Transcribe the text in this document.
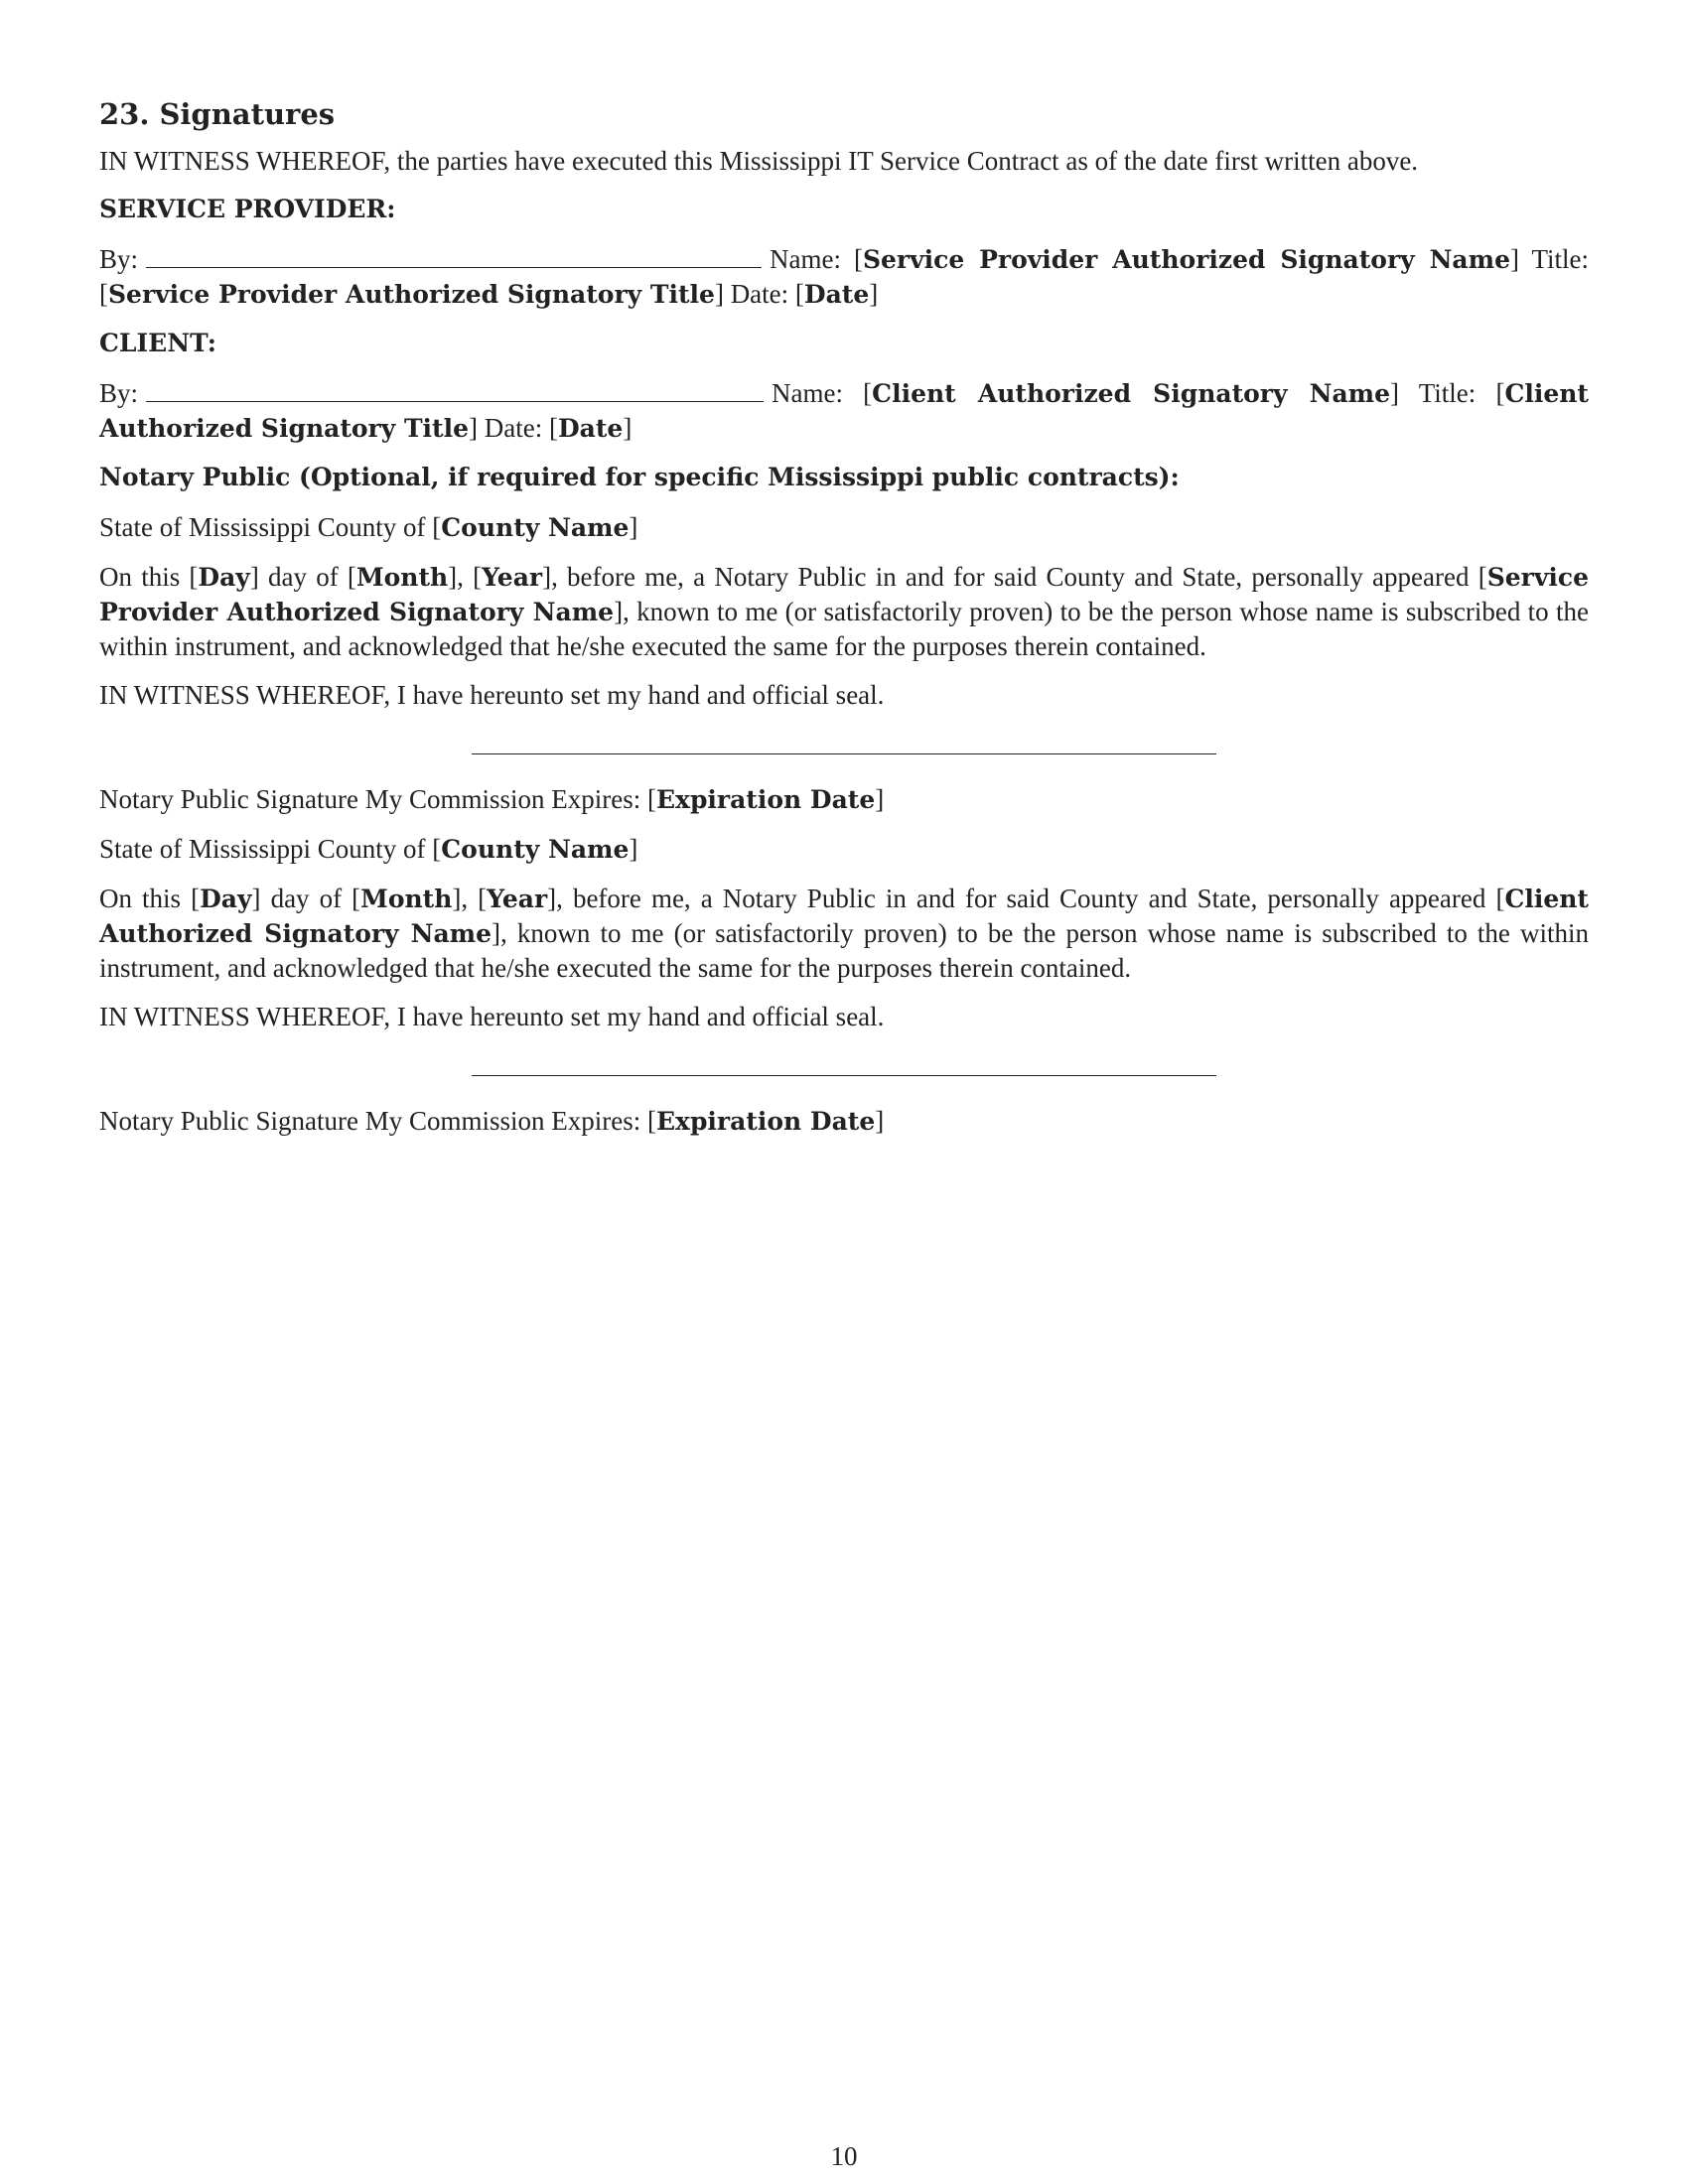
23. Signatures

IN WITNESS WHEREOF, the parties have executed this Mississippi IT Service Contract as of the date first written above.

SERVICE PROVIDER:

By:	Name: [Service Provider Authorized Signatory Name] Title: [Service Provider Authorized Signatory Title] Date: [Date]

CLIENT:

By:	Name: [Client Authorized Signatory Name] Title: [Client Authorized Signatory Title] Date: [Date]

Notary Public (Optional, if required for specific Mississippi public contracts):

State of Mississippi County of [County Name]

On this [Day] day of [Month], [Year], before me, a Notary Public in and for said County and State, personally appeared [Service Provider Authorized Signatory Name], known to me (or satisfactorily proven) to be the person whose name is subscribed to the within instrument, and acknowledged that he/she executed the same for the purposes therein contained.

IN WITNESS WHEREOF, I have hereunto set my hand and official seal.

Notary Public Signature My Commission Expires: [Expiration Date]

State of Mississippi County of [County Name]

On this [Day] day of [Month], [Year], before me, a Notary Public in and for said County and State, personally appeared [Client Authorized Signatory Name], known to me (or satisfactorily proven) to be the person whose name is subscribed to the within instrument, and acknowledged that he/she executed the same for the purposes therein contained.

IN WITNESS WHEREOF, I have hereunto set my hand and official seal.

Notary Public Signature My Commission Expires: [Expiration Date]

10
